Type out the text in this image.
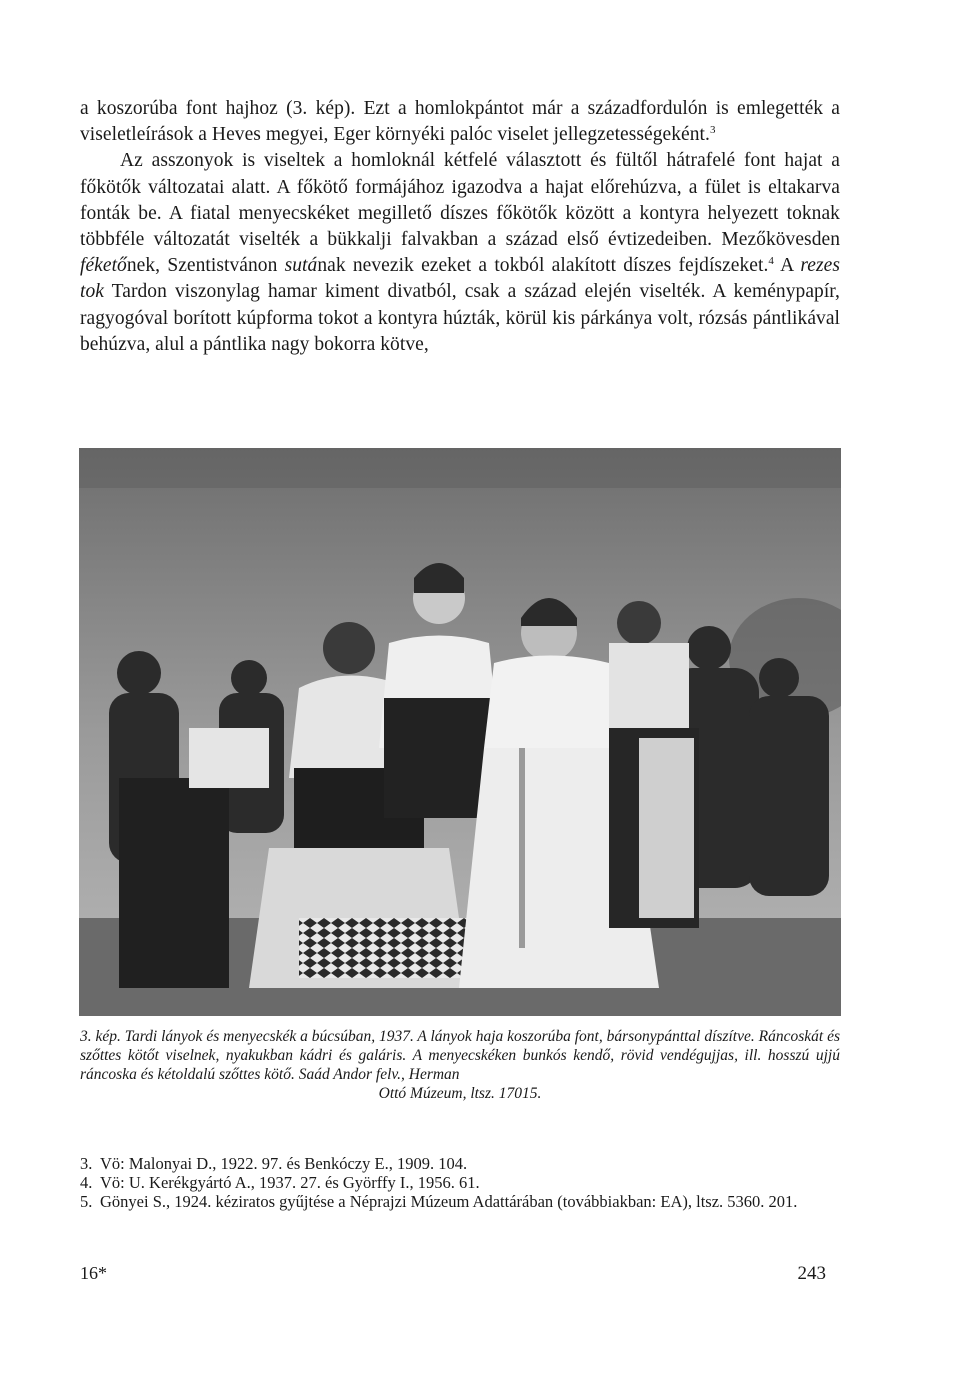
a koszorúba font hajhoz (3. kép). Ezt a homlokpántot már a századfordulón is emlegették a viseletleírások a Heves megyei, Eger környéki palóc viselet jellegzetességeként.$^3$

Az asszonyok is viseltek a homloknál kétfelé választott és fültől hátrafelé font hajat a főkötők változatai alatt. A főkötő formájához igazodva a hajat előrehúzva, a fület is eltakarva fonták be. A fiatal menyecskéket megillető díszes főkötők között a kontyra helyezett toknak többféle változatát viselték a bükkalji falvakban a század első évtizedeiben. Mezőkövesden féketőnek, Szentistvánon sutának nevezik ezeket a tokból alakított díszes fejdíszeket.$^4$ A rezes tok Tardon viszonylag hamar kiment divatból, csak a század elején viselték. A keménypapír, ragyogóval borított kúpforma tokot a kontyra húzták, körül kis párkánya volt, rózsás pántlikával behúzva, alul a pántlika nagy bokorra kötve,

3. kép. Tardi lányok és menyecskék a búcsúban, 1937. A lányok haja koszorúba font, bársonypánttal díszítve. Ráncoskát és szőttes kötőt viselnek, nyakukban kádri és galáris. A menyecskéken bunkós kendő, rövid vendégujjas, ill. hosszú ujjú ráncoska és kétoldalú szőttes kötő. Saád Andor felv., Herman
Ottó Múzeum, ltsz. 17015.
3. Vö: Malonyai D., 1922. 97. és Benkóczy E., 1909. 104.
4. Vö: U. Kerékgyártó A., 1937. 27. és Györffy I., 1956. 61.
5. Gönyei S., 1924. kéziratos gyűjtése a Néprajzi Múzeum Adattárában (továbbiakban: EA), ltsz. 5360. 201.
16*	243
